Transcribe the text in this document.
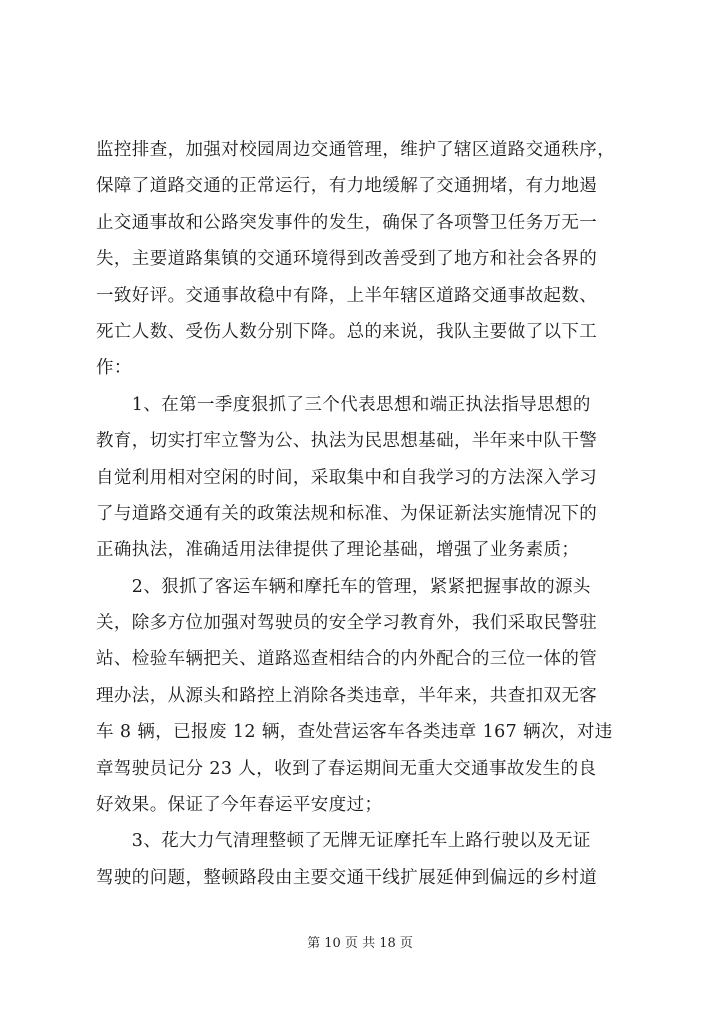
监控排查，加强对校园周边交通管理，维护了辖区道路交通秩序，
保障了道路交通的正常运行，有力地缓解了交通拥堵，有力地遏
止交通事故和公路突发事件的发生，确保了各项警卫任务万无一
失，主要道路集镇的交通环境得到改善受到了地方和社会各界的
一致好评。交通事故稳中有降，上半年辖区道路交通事故起数、
死亡人数、受伤人数分别下降。总的来说，我队主要做了以下工
作：
　　1、在第一季度狠抓了三个代表思想和端正执法指导思想的
教育，切实打牢立警为公、执法为民思想基础，半年来中队干警
自觉利用相对空闲的时间，采取集中和自我学习的方法深入学习
了与道路交通有关的政策法规和标准、为保证新法实施情况下的
正确执法，准确适用法律提供了理论基础，增强了业务素质；
　　2、狠抓了客运车辆和摩托车的管理，紧紧把握事故的源头
关，除多方位加强对驾驶员的安全学习教育外，我们采取民警驻
站、检验车辆把关、道路巡查相结合的内外配合的三位一体的管
理办法，从源头和路控上消除各类违章，半年来，共查扣双无客
车 8 辆，已报废 12 辆，查处营运客车各类违章 167 辆次，对违
章驾驶员记分 23 人，收到了春运期间无重大交通事故发生的良
好效果。保证了今年春运平安度过；
　　3、花大力气清理整顿了无牌无证摩托车上路行驶以及无证
驾驶的问题，整顿路段由主要交通干线扩展延伸到偏远的乡村道
第 10 页 共 18 页
